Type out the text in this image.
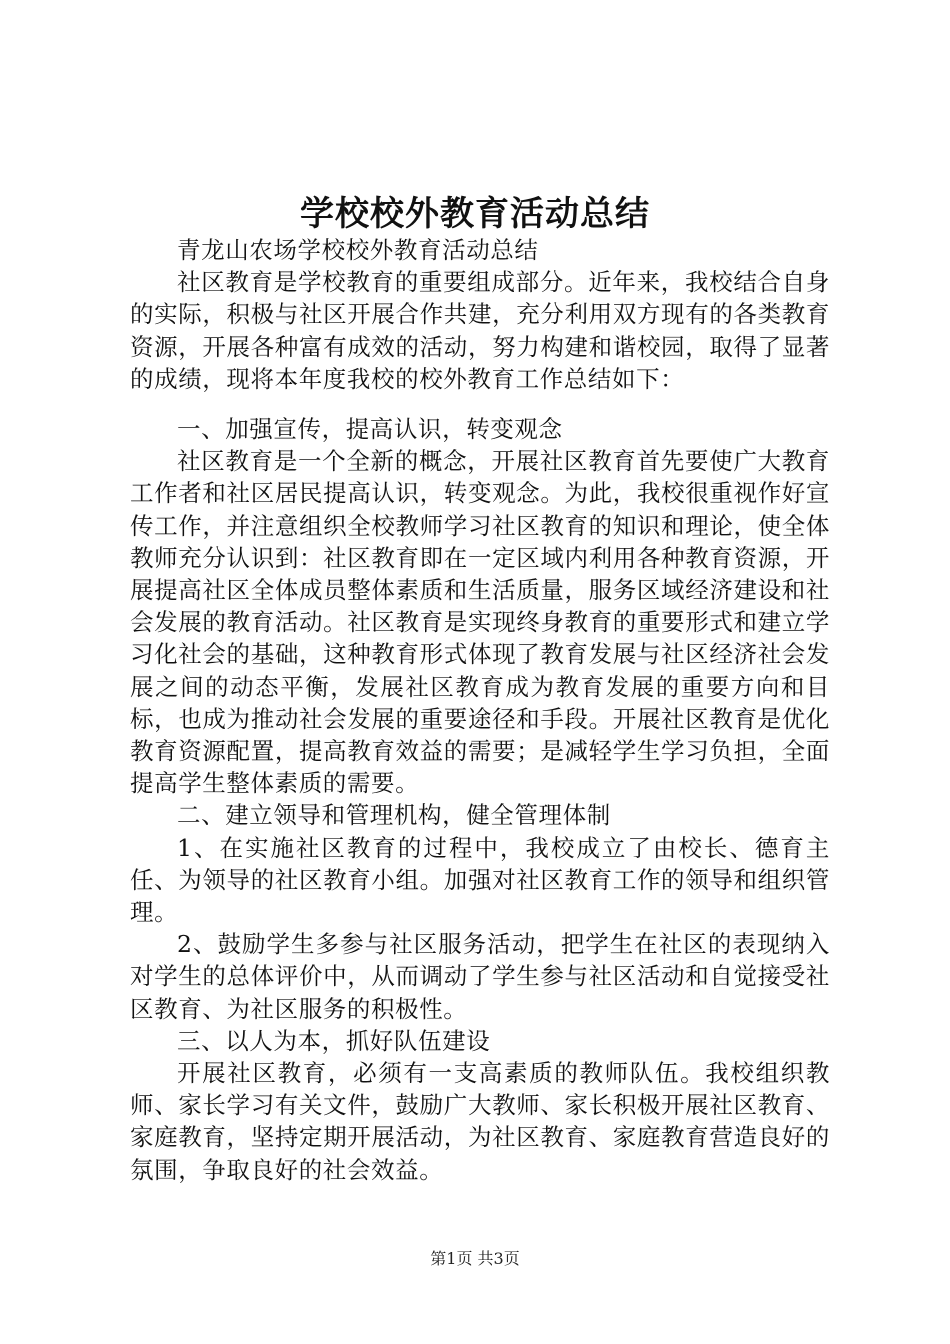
学校校外教育活动总结

青龙山农场学校校外教育活动总结

社区教育是学校教育的重要组成部分。近年来，我校结合自身的实际，积极与社区开展合作共建，充分利用双方现有的各类教育资源，开展各种富有成效的活动，努力构建和谐校园，取得了显著的成绩，现将本年度我校的校外教育工作总结如下：

一、加强宣传，提高认识，转变观念

社区教育是一个全新的概念，开展社区教育首先要使广大教育工作者和社区居民提高认识，转变观念。为此，我校很重视作好宣传工作，并注意组织全校教师学习社区教育的知识和理论，使全体教师充分认识到：社区教育即在一定区域内利用各种教育资源，开展提高社区全体成员整体素质和生活质量，服务区域经济建设和社会发展的教育活动。社区教育是实现终身教育的重要形式和建立学习化社会的基础，这种教育形式体现了教育发展与社区经济社会发展之间的动态平衡，发展社区教育成为教育发展的重要方向和目标，也成为推动社会发展的重要途径和手段。开展社区教育是优化教育资源配置，提高教育效益的需要；是减轻学生学习负担，全面提高学生整体素质的需要。

二、建立领导和管理机构，健全管理体制

1、在实施社区教育的过程中，我校成立了由校长、德育主任、为领导的社区教育小组。加强对社区教育工作的领导和组织管理。

2、鼓励学生多参与社区服务活动，把学生在社区的表现纳入对学生的总体评价中，从而调动了学生参与社区活动和自觉接受社区教育、为社区服务的积极性。

三、以人为本，抓好队伍建设

开展社区教育，必须有一支高素质的教师队伍。我校组织教师、家长学习有关文件，鼓励广大教师、家长积极开展社区教育、家庭教育，坚持定期开展活动，为社区教育、家庭教育营造良好的氛围，争取良好的社会效益。

第1页 共3页
